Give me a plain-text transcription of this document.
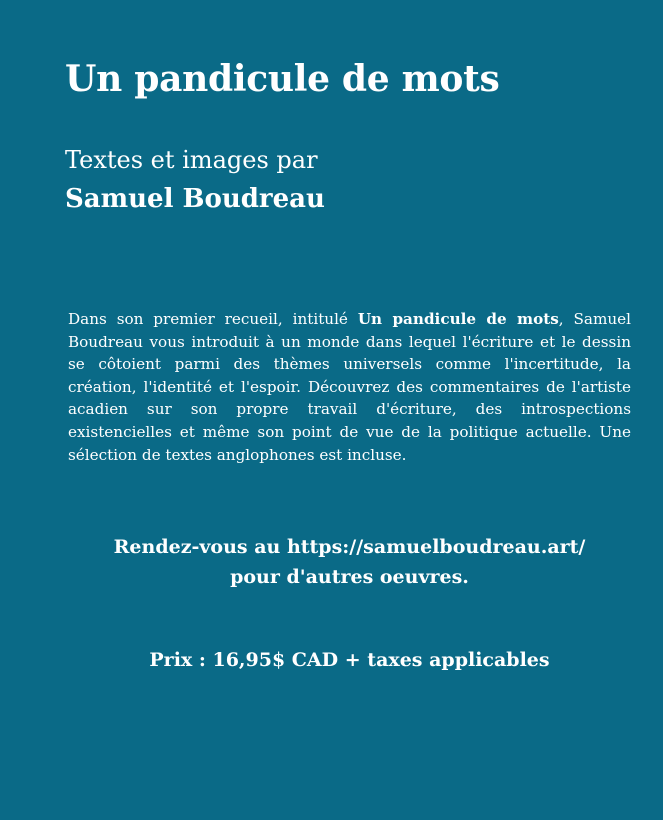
Un pandicule de mots
Textes et images par
Samuel Boudreau

Dans son premier recueil, intitulé Un pandicule de mots, Samuel Boudreau vous introduit à un monde dans lequel l'écriture et le dessin se côtoient parmi des thèmes universels comme l'incertitude, la création, l'identité et l'espoir. Découvrez des commentaires de l'artiste acadien sur son propre travail d'écriture, des introspections existencielles et même son point de vue de la politique actuelle. Une sélection de textes anglophones est incluse.

Rendez-vous au https://samuelboudreau.art/
pour d'autres oeuvres.
Prix : 16,95$ CAD + taxes applicables
